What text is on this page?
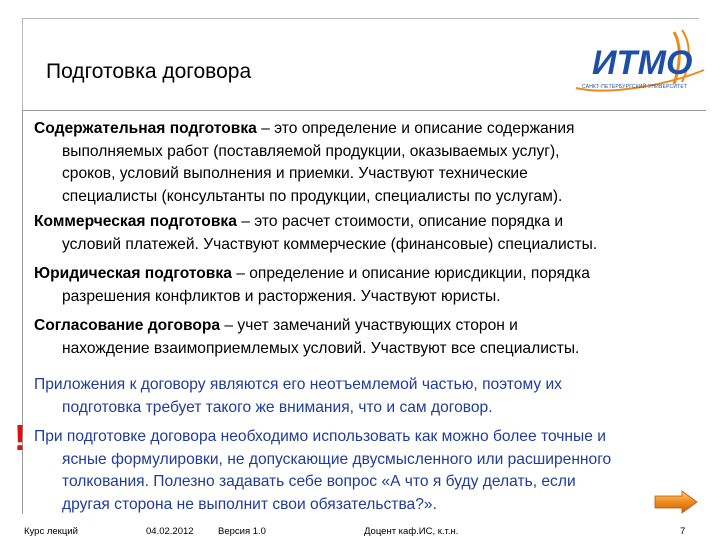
Подготовка договора	ИТМО
САНКТ-ПЕТЕРБУРГСКИЙ УНИВЕРСИТЕТ
Содержательная подготовка – это определение и описание содержания
выполняемых работ (поставляемой продукции, оказываемых услуг),
сроков, условий выполнения и приемки. Участвуют технические
специалисты (консультанты по продукции, специалисты по услугам).
Коммерческая подготовка – это расчет стоимости, описание порядка и
условий платежей. Участвуют коммерческие (финансовые) специалисты.
Юридическая подготовка – определение и описание юрисдикции, порядка
разрешения конфликтов и расторжения. Участвуют юристы.
Согласование договора – учет замечаний участвующих сторон и
нахождение взаимоприемлемых условий. Участвуют все специалисты.
Приложения к договору являются его неотъемлемой частью, поэтому их
подготовка требует такого же внимания, что и сам договор.
! При подготовке договора необходимо использовать как можно более точные и
ясные формулировки, не допускающие двусмысленного или расширенного
толкования. Полезно задавать себе вопрос «А что я буду делать, если
другая сторона не выполнит свои обязательства?».
Курс лекций	04.02.2012	Версия 1.0	Доцент каф.ИС, к.т.н.	7
